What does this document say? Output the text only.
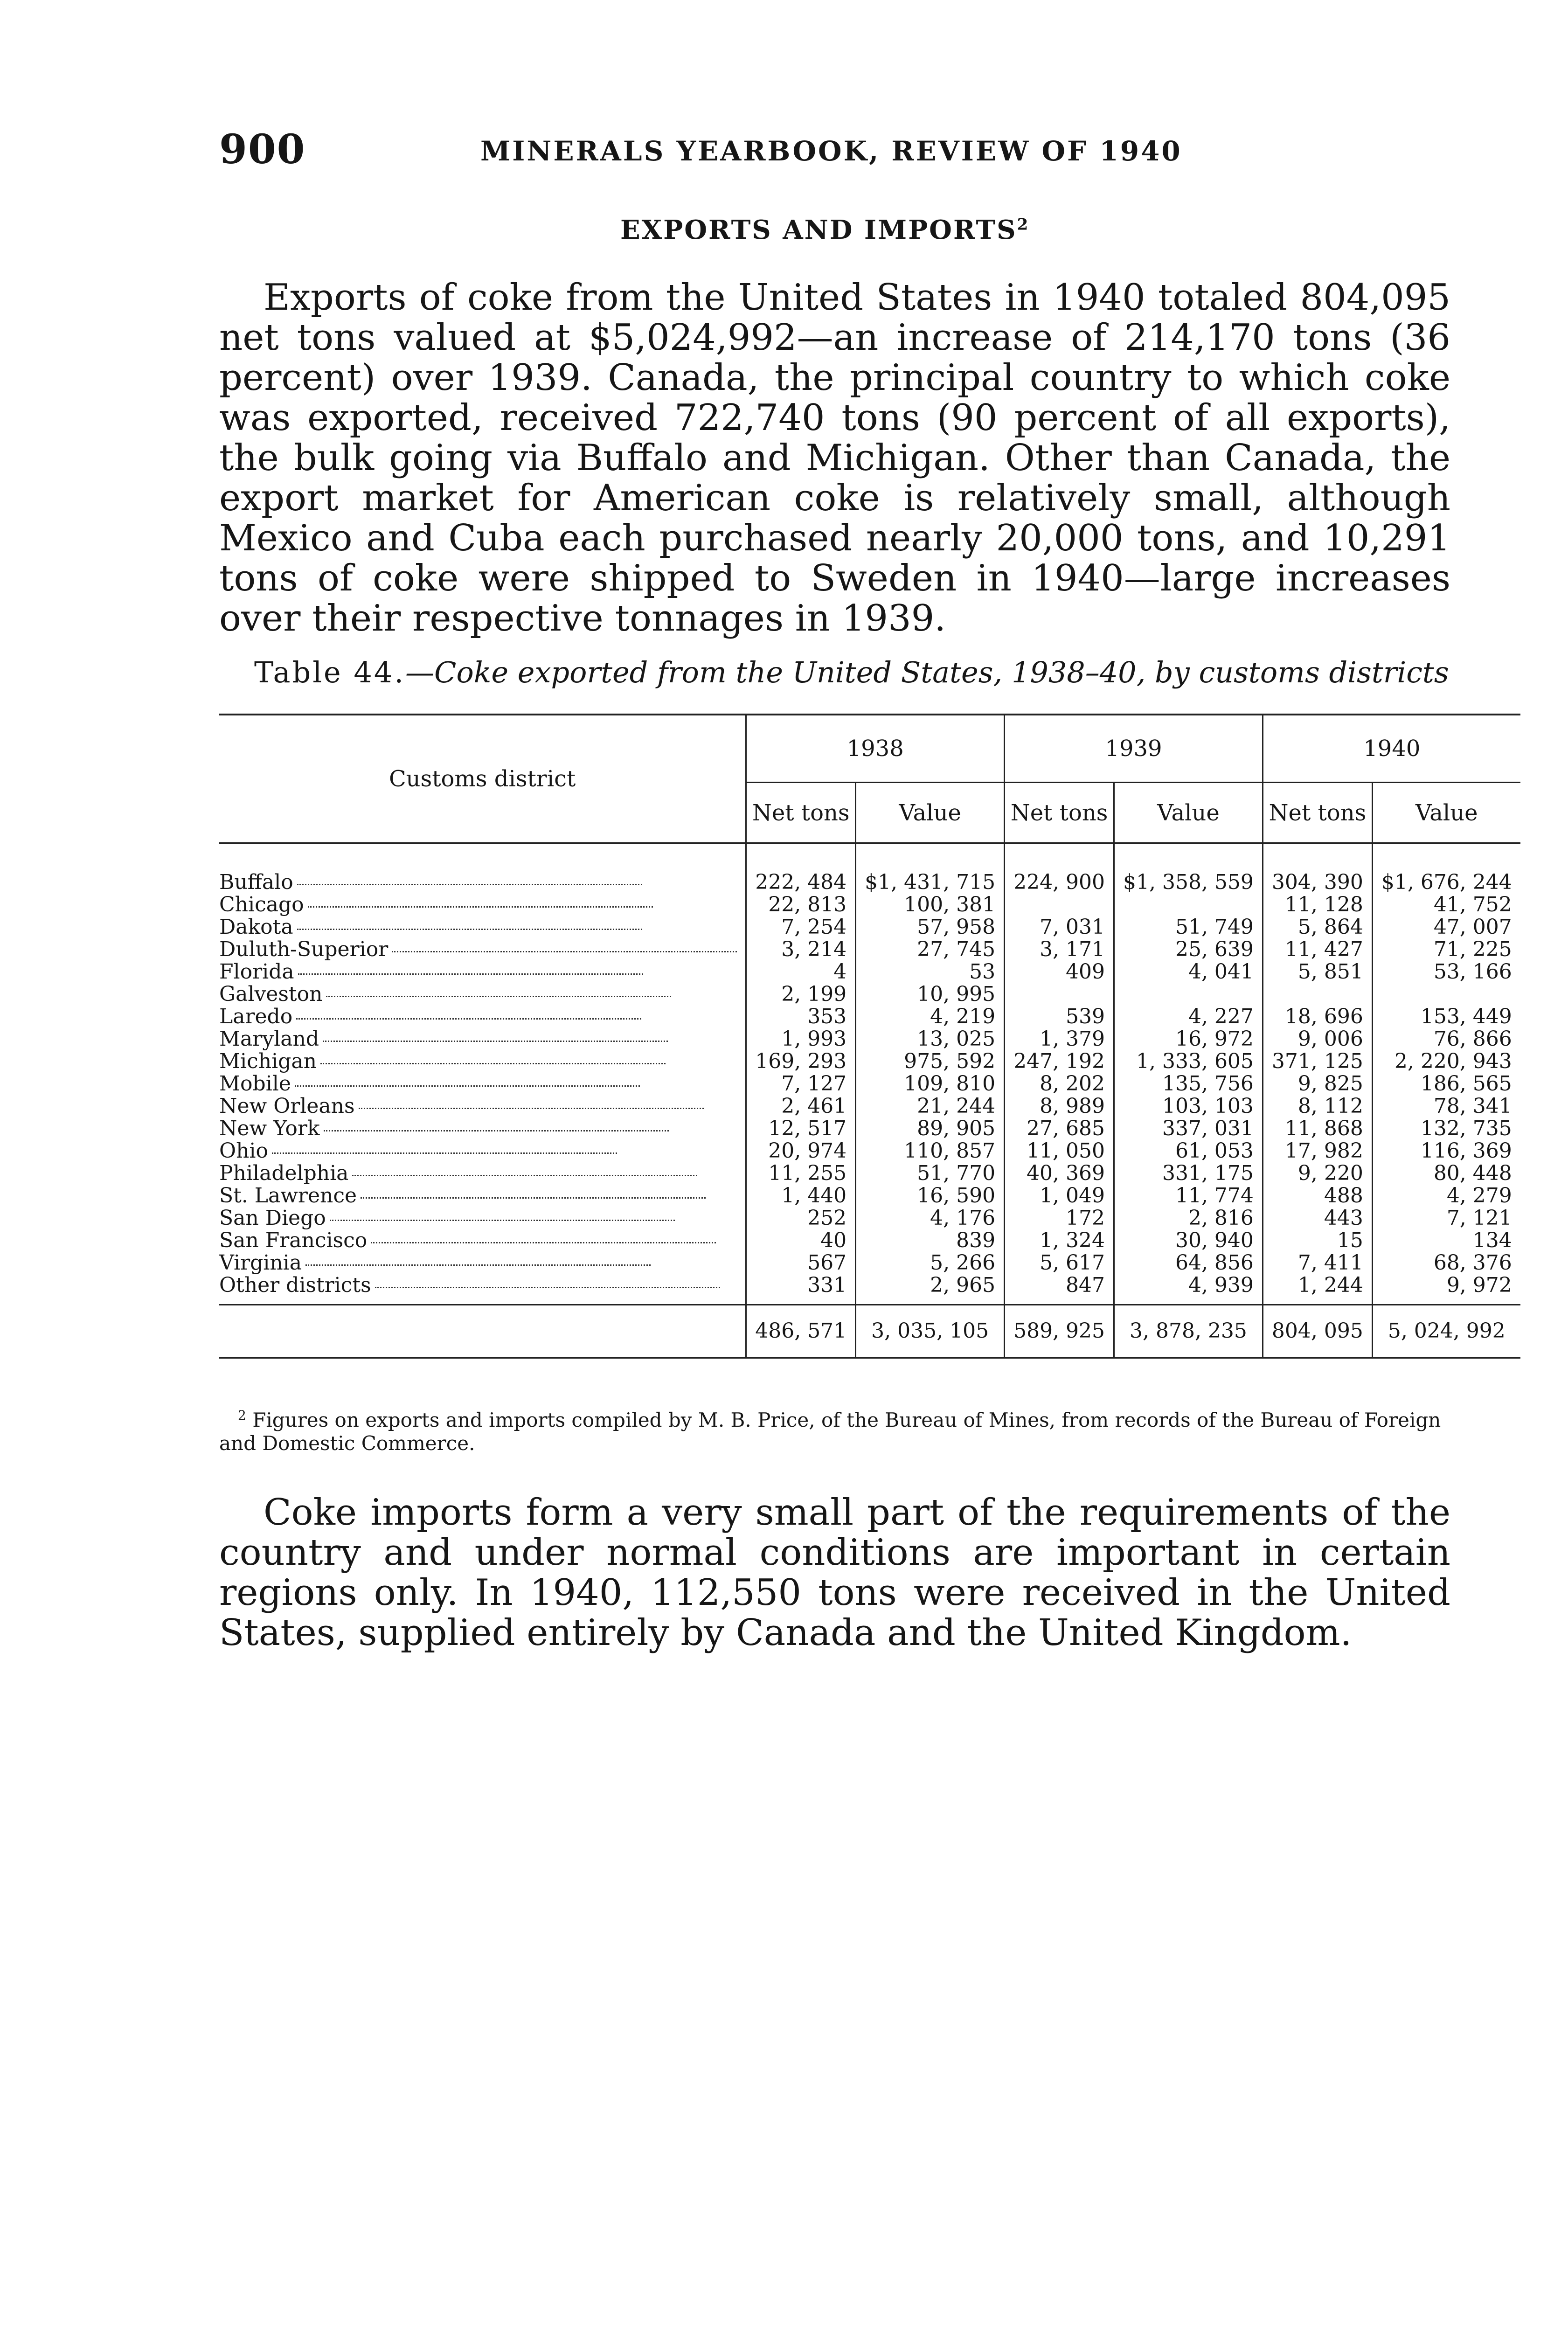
900	MINERALS YEARBOOK, REVIEW OF 1940
EXPORTS AND IMPORTS$^2$

Exports of coke from the United States in 1940 totaled 804,095 net tons valued at $5,024,992—an increase of 214,170 tons (36 percent) over 1939. Canada, the principal country to which coke was exported, received 722,740 tons (90 percent of all exports), the bulk going via Buffalo and Michigan. Other than Canada, the export market for American coke is relatively small, although Mexico and Cuba each purchased nearly 20,000 tons, and 10,291 tons of coke were shipped to Sweden in 1940—large increases over their respective tonnages in 1939.

Table 44.—Coke exported from the United States, 1938–40, by customs districts
Customs district	1938		1939		1940	
	Net tons	Value	Net tons	Value	Net tons	Value
Buffalo	222, 484	$1, 431, 715	224, 900	$1, 358, 559	304, 390	$1, 676, 244
Chicago	22, 813	100, 381			11, 128	41, 752
Dakota	7, 254	57, 958	7, 031	51, 749	5, 864	47, 007
Duluth-Superior	3, 214	27, 745	3, 171	25, 639	11, 427	71, 225
Florida	4	53	409	4, 041	5, 851	53, 166
Galveston	2, 199	10, 995				
Laredo	353	4, 219	539	4, 227	18, 696	153, 449
Maryland	1, 993	13, 025	1, 379	16, 972	9, 006	76, 866
Michigan	169, 293	975, 592	247, 192	1, 333, 605	371, 125	2, 220, 943
Mobile	7, 127	109, 810	8, 202	135, 756	9, 825	186, 565
New Orleans	2, 461	21, 244	8, 989	103, 103	8, 112	78, 341
New York	12, 517	89, 905	27, 685	337, 031	11, 868	132, 735
Ohio	20, 974	110, 857	11, 050	61, 053	17, 982	116, 369
Philadelphia	11, 255	51, 770	40, 369	331, 175	9, 220	80, 448
St. Lawrence	1, 440	16, 590	1, 049	11, 774	488	4, 279
San Diego	252	4, 176	172	2, 816	443	7, 121
San Francisco	40	839	1, 324	30, 940	15	134
Virginia	567	5, 266	5, 617	64, 856	7, 411	68, 376
Other districts	331	2, 965	847	4, 939	1, 244	9, 972
	486, 571	3, 035, 105	589, 925	3, 878, 235	804, 095	5, 024, 992

$^2$ Figures on exports and imports compiled by M. B. Price, of the Bureau of Mines, from records of the Bureau of Foreign and Domestic Commerce.

Coke imports form a very small part of the requirements of the country and under normal conditions are important in certain regions only. In 1940, 112,550 tons were received in the United States, supplied entirely by Canada and the United Kingdom.
